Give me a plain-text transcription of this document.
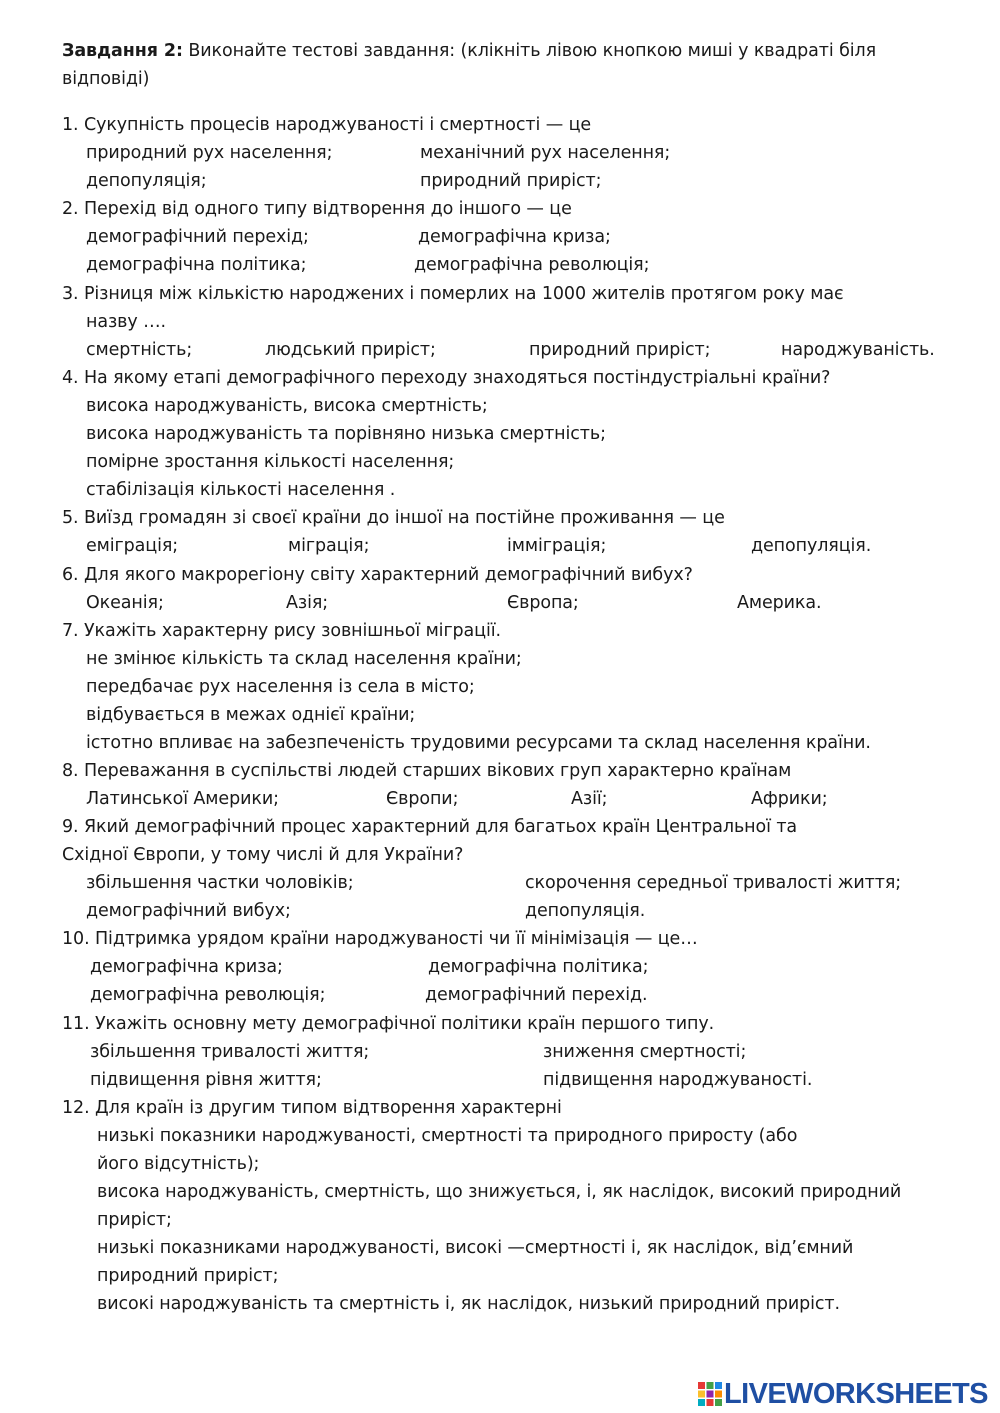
Завдання 2: Виконайте тестові завдання: (клікніть лівою кнопкою миші у квадраті біля
відповіді)
1. Сукупність процесів народжуваності і смертності — це
природний рух населення;	механічний рух населення;
депопуляція;	природний приріст;
2. Перехід від одного типу відтворення до іншого — це
демографічний перехід;	демографічна криза;
демографічна політика;	демографічна революція;
3. Різниця між кількістю народжених і померлих на 1000 жителів протягом року має
назву ….
смертність;	людський приріст;	природний приріст;	народжуваність.
4. На якому етапі демографічного переходу знаходяться постіндустріальні країни?
висока народжуваність, висока смертність;
висока народжуваність та порівняно низька смертність;
помірне зростання кількості населення;
стабілізація кількості населення .
5. Виїзд громадян зі своєї країни до іншої на постійне проживання — це
еміграція;	міграція;	імміграція;	депопуляція.
6. Для якого макрорегіону світу характерний демографічний вибух?
Океанія;	Азія;	Європа;	Америка.
7. Укажіть характерну рису зовнішньої міграції.
не змінює кількість та склад населення країни;
передбачає рух населення із села в місто;
відбувається в межах однієї країни;
істотно впливає на забезпеченість трудовими ресурсами та склад населення країни.
8. Переважання в суспільстві людей старших вікових груп характерно країнам
Латинської Америки;	Європи;	Азії;	Африки;
9. Який демографічний процес характерний для багатьох країн Центральної та
Східної Європи, у тому числі й для України?
збільшення частки чоловіків;	скорочення середньої тривалості життя;
демографічний вибух;	депопуляція.
10. Підтримка урядом країни народжуваності чи її мінімізація — це…
демографічна криза;	демографічна політика;
демографічна революція;	демографічний перехід.
11. Укажіть основну мету демографічної політики країн першого типу.
збільшення тривалості життя;	зниження смертності;
підвищення рівня життя;	підвищення народжуваності.
12. Для країн із другим типом відтворення характерні
низькі показники народжуваності, смертності та природного приросту (або
його відсутність);
висока народжуваність, смертність, що знижується, і, як наслідок, високий природний
приріст;
низькі показниками народжуваності, високі —смертності і, як наслідок, від’ємний
природний приріст;
високі народжуваність та смертність і, як наслідок, низький природний приріст.
LIVEWORKSHEETS
